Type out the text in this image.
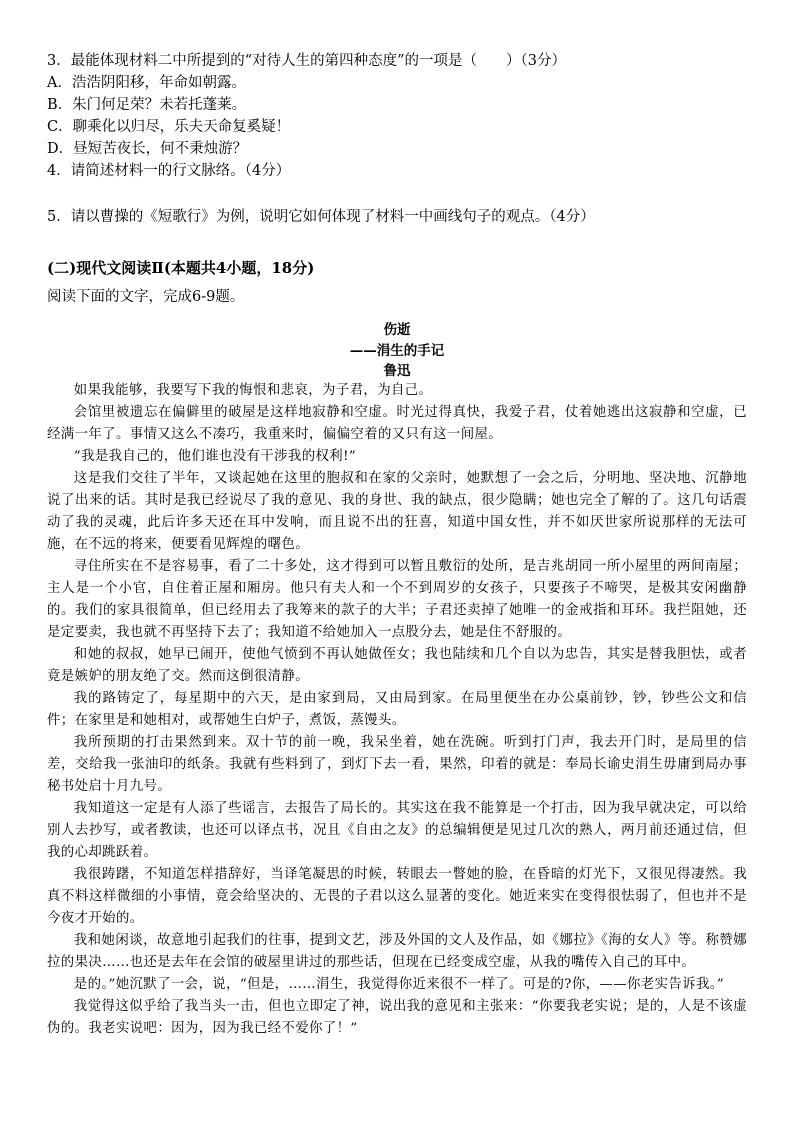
3．最能体现材料二中所提到的“对待人生的第四种态度”的一项是（　　）（3分）
A．浩浩阴阳移，年命如朝露。
B．朱门何足荣？未若托蓬莱。
C．聊乘化以归尽，乐夫天命复奚疑！
D．昼短苦夜长，何不秉烛游？
4．请简述材料一的行文脉络。（4分）
5．请以曹操的《短歌行》为例，说明它如何体现了材料一中画线句子的观点。（4分）
(二)现代文阅读Ⅱ(本题共4小题，18分)
阅读下面的文字，完成6-9题。
伤逝
——涓生的手记
鲁迅

如果我能够，我要写下我的悔恨和悲哀，为子君，为自己。

会馆里被遗忘在偏僻里的破屋是这样地寂静和空虚。时光过得真快，我爱子君，仗着她逃出这寂静和空虚，已经满一年了。事情又这么不凑巧，我重来时，偏偏空着的又只有这一间屋。

“我是我自己的，他们谁也没有干涉我的权利!”

这是我们交往了半年，又谈起她在这里的胞叔和在家的父亲时，她默想了一会之后，分明地、坚决地、沉静地说了出来的话。其时是我已经说尽了我的意见、我的身世、我的缺点，很少隐瞒；她也完全了解的了。这几句话震动了我的灵魂，此后许多天还在耳中发响，而且说不出的狂喜，知道中国女性，并不如厌世家所说那样的无法可施，在不远的将来，便要看见辉煌的曙色。

寻住所实在不是容易事，看了二十多处，这才得到可以暂且敷衍的处所，是吉兆胡同一所小屋里的两间南屋；主人是一个小官，自住着正屋和厢房。他只有夫人和一个不到周岁的女孩子，只要孩子不啼哭，是极其安闲幽静的。我们的家具很简单，但已经用去了我筹来的款子的大半；子君还卖掉了她唯一的金戒指和耳环。我拦阻她，还是定要卖，我也就不再坚持下去了；我知道不给她加入一点股分去，她是住不舒服的。

和她的叔叔，她早已闹开，使他气愤到不再认她做侄女；我也陆续和几个自以为忠告，其实是替我胆怯，或者竟是嫉妒的朋友绝了交。然而这倒很清静。

我的路铸定了，每星期中的六天，是由家到局，又由局到家。在局里便坐在办公桌前钞，钞，钞些公文和信件；在家里是和她相对，或帮她生白炉子，煮饭，蒸馒头。

我所预期的打击果然到来。双十节的前一晚，我呆坐着，她在洗碗。听到打门声，我去开门时，是局里的信差，交给我一张油印的纸条。我就有些料到了，到灯下去一看，果然，印着的就是：奉局长谕史涓生毋庸到局办事秘书处启十月九号。

我知道这一定是有人添了些谣言，去报告了局长的。其实这在我不能算是一个打击，因为我早就决定，可以给别人去抄写，或者教读，也还可以译点书，况且《自由之友》的总编辑便是见过几次的熟人，两月前还通过信，但我的心却跳跃着。

我很踌躇，不知道怎样措辞好，当译笔凝思的时候，转眼去一瞥她的脸，在昏暗的灯光下，又很见得凄然。我真不料这样微细的小事情，竟会给坚决的、无畏的子君以这么显著的变化。她近来实在变得很怯弱了，但也并不是今夜才开始的。

我和她闲谈，故意地引起我们的往事，提到文艺，涉及外国的文人及作品，如《娜拉》《海的女人》等。称赞娜拉的果决……也还是去年在会馆的破屋里讲过的那些话，但现在已经变成空虚，从我的嘴传入自己的耳中。

是的。”她沉默了一会，说，“但是，……涓生，我觉得你近来很不一样了。可是的?你，——你老实告诉我。”

我觉得这似乎给了我当头一击，但也立即定了神，说出我的意见和主张来：“你要我老实说；是的，人是不该虚伪的。我老实说吧：因为，因为我已经不爱你了！”
